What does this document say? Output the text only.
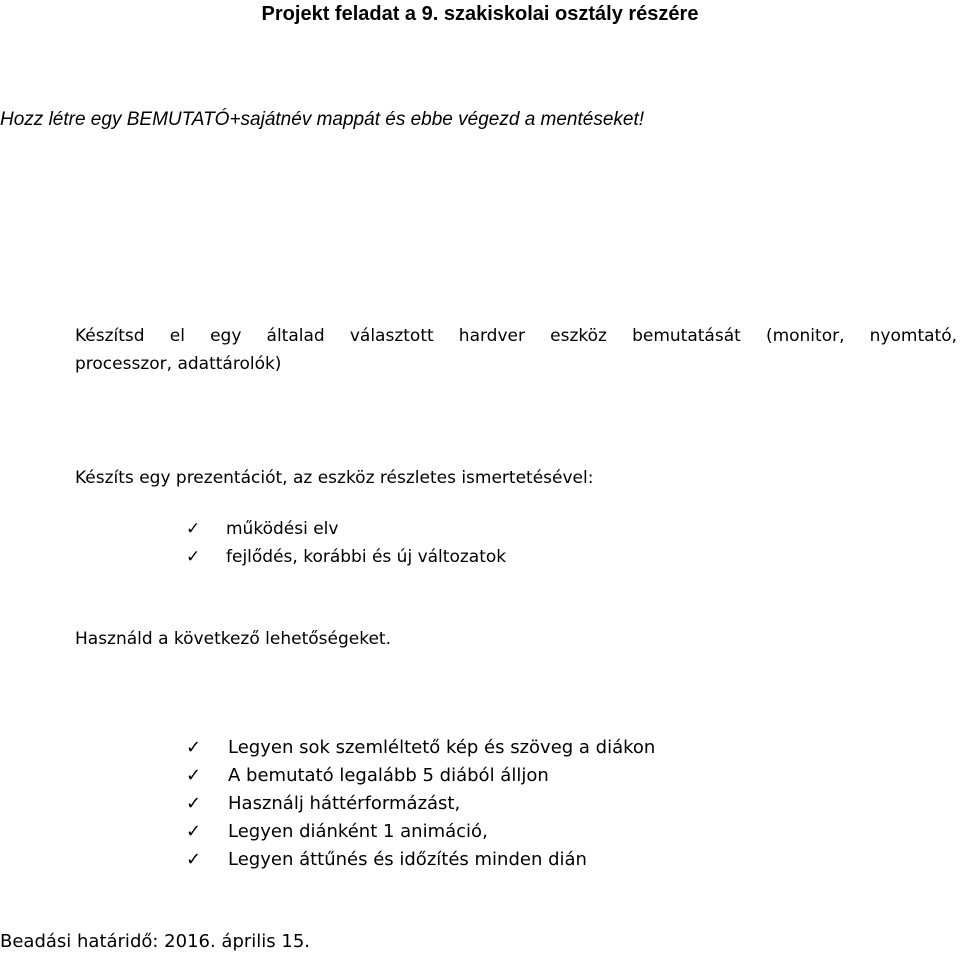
Projekt feladat a 9. szakiskolai osztály részére
Hozz létre egy BEMUTATÓ+sajátnév mappát és ebbe végezd a mentéseket!
Készítsd el egy általad választott hardver eszköz bemutatását (monitor, nyomtató,
processzor, adattárolók)
Készíts egy prezentációt, az eszköz részletes ismertetésével:
✓ működési elv
✓ fejlődés, korábbi és új változatok
Használd a következő lehetőségeket.
✓ Legyen sok szemléltető kép és szöveg a diákon
✓ A bemutató legalább 5 diából álljon
✓ Használj háttérformázást,
✓ Legyen diánként 1 animáció,
✓ Legyen áttűnés és időzítés minden dián
Beadási határidő: 2016. április 15.
